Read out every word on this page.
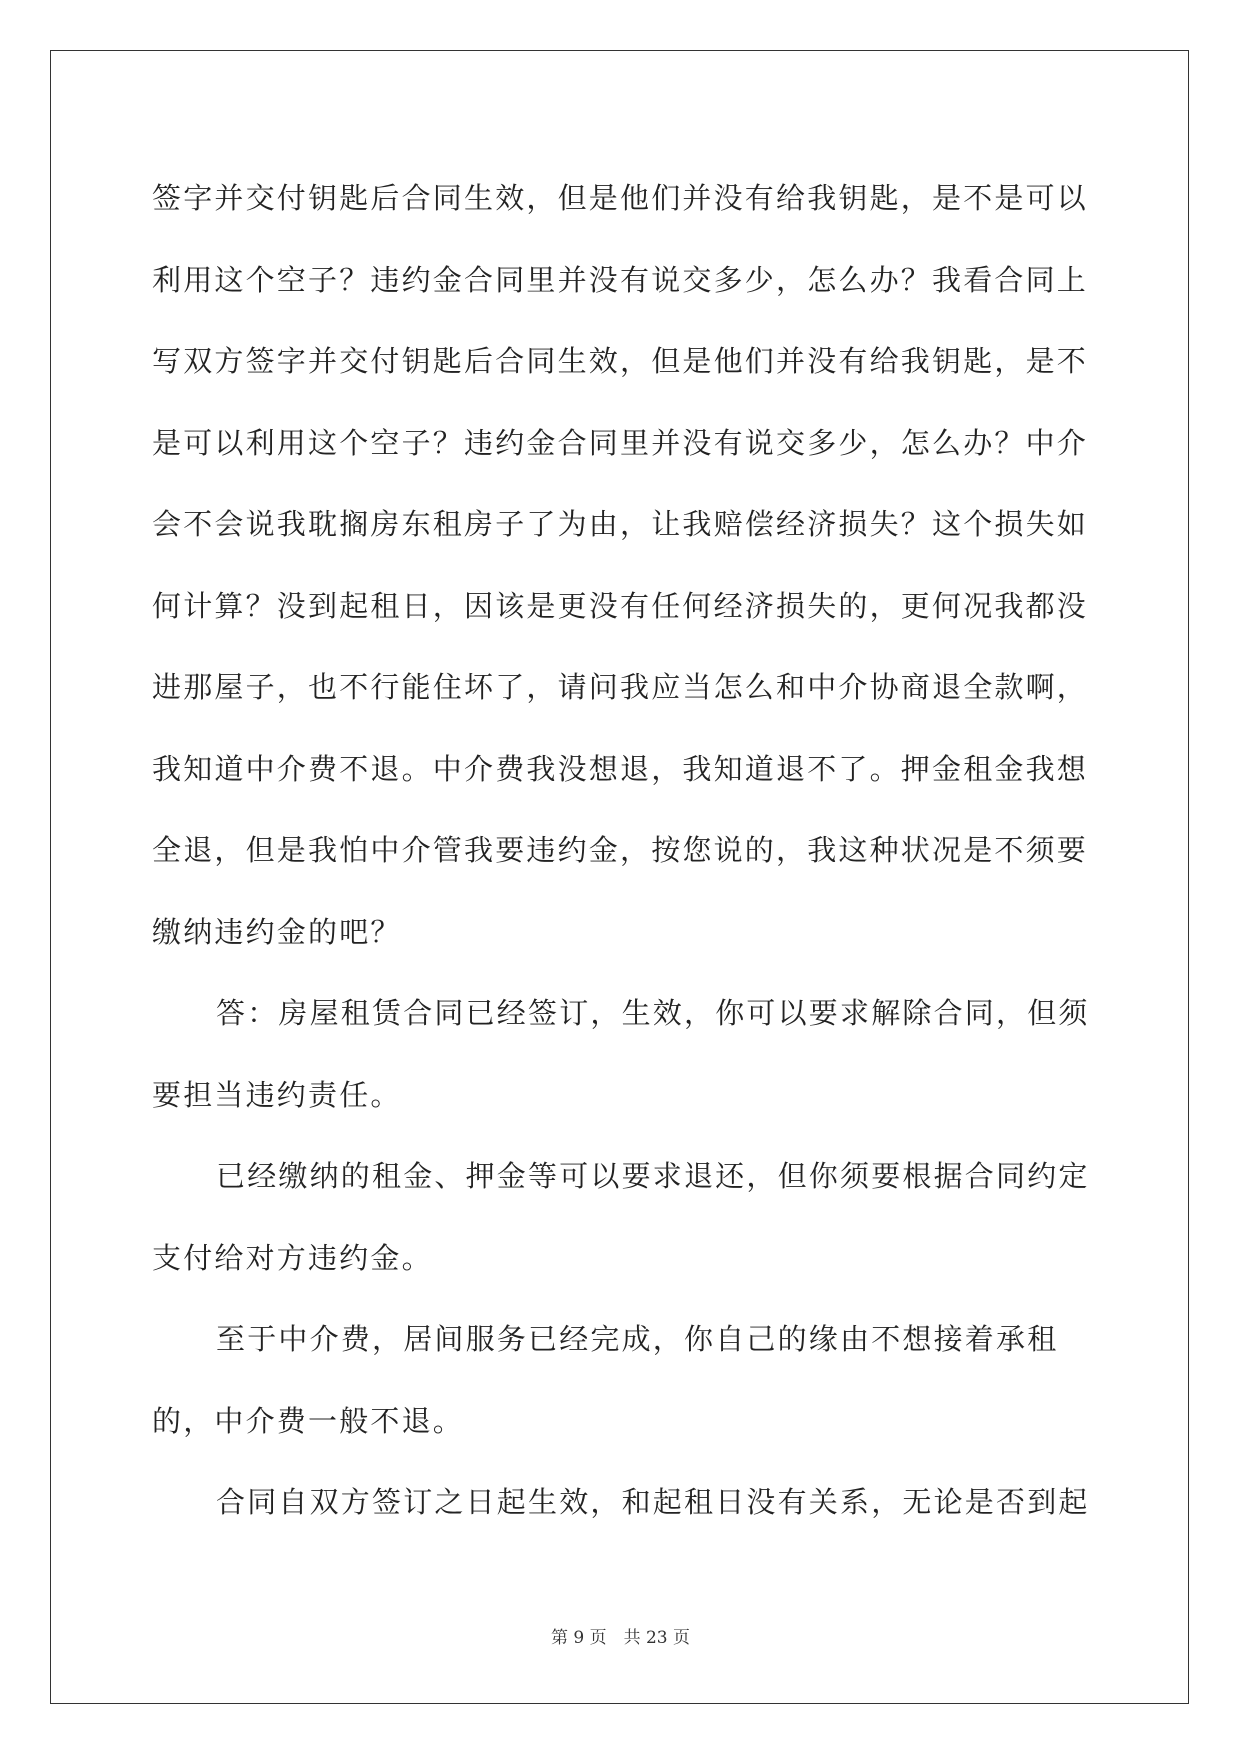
签字并交付钥匙后合同生效，但是他们并没有给我钥匙，是不是可以利用这个空子？违约金合同里并没有说交多少，怎么办？我看合同上写双方签字并交付钥匙后合同生效，但是他们并没有给我钥匙，是不是可以利用这个空子？违约金合同里并没有说交多少，怎么办？中介会不会说我耽搁房东租房子了为由，让我赔偿经济损失？这个损失如何计算？没到起租日，因该是更没有任何经济损失的，更何况我都没进那屋子，也不行能住坏了，请问我应当怎么和中介协商退全款啊，我知道中介费不退。中介费我没想退，我知道退不了。押金租金我想全退，但是我怕中介管我要违约金，按您说的，我这种状况是不须要缴纳违约金的吧？

答：房屋租赁合同已经签订，生效，你可以要求解除合同，但须要担当违约责任。

已经缴纳的租金、押金等可以要求退还，但你须要根据合同约定支付给对方违约金。

至于中介费，居间服务已经完成，你自己的缘由不想接着承租的，中介费一般不退。

合同自双方签订之日起生效，和起租日没有关系，无论是否到起

第 9 页　共 23 页
